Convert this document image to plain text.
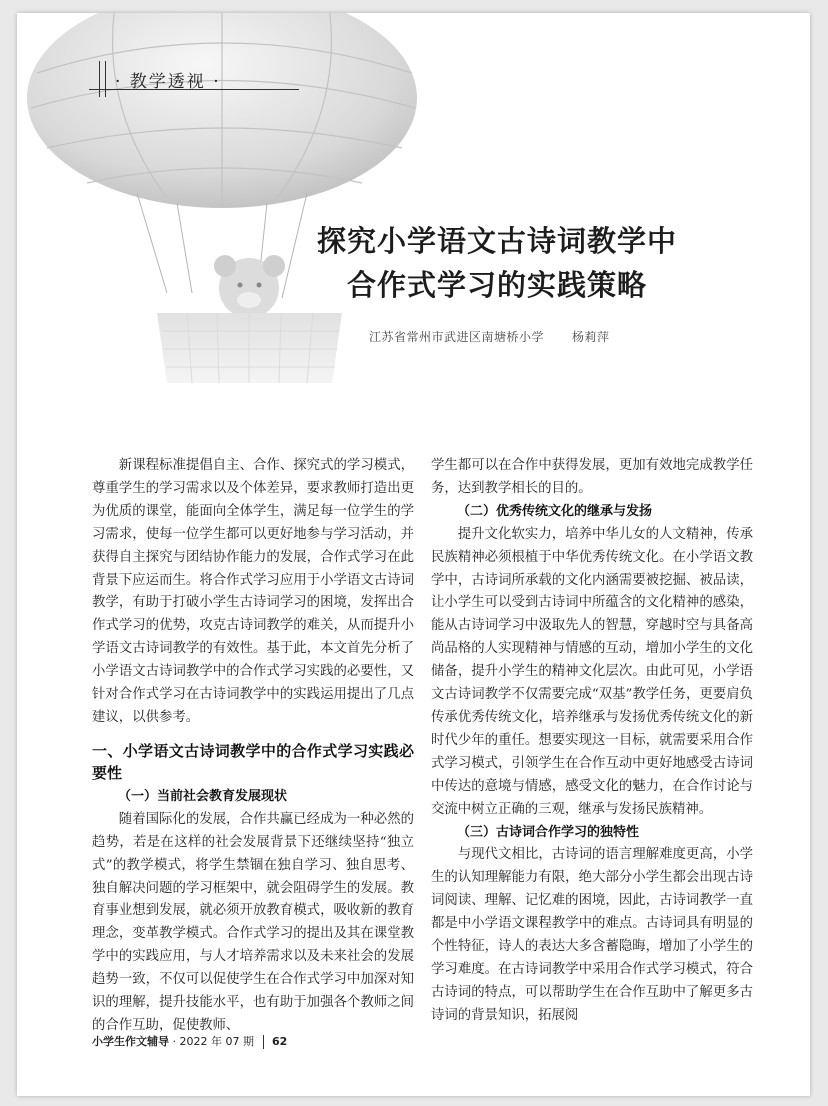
· 教学透视 ·
探究小学语文古诗词教学中
合作式学习的实践策略
江苏省常州市武进区南塘桥小学 杨莉萍

新课程标准提倡自主、合作、探究式的学习模式，尊重学生的学习需求以及个体差异，要求教师打造出更为优质的课堂，能面向全体学生，满足每一位学生的学习需求，使每一位学生都可以更好地参与学习活动，并获得自主探究与团结协作能力的发展，合作式学习在此背景下应运而生。将合作式学习应用于小学语文古诗词教学，有助于打破小学生古诗词学习的困境，发挥出合作式学习的优势，攻克古诗词教学的难关，从而提升小学语文古诗词教学的有效性。基于此，本文首先分析了小学语文古诗词教学中的合作式学习实践的必要性，又针对合作式学习在古诗词教学中的实践运用提出了几点建议，以供参考。

一、小学语文古诗词教学中的合作式学习实践必要性
（一）当前社会教育发展现状

随着国际化的发展，合作共赢已经成为一种必然的趋势，若是在这样的社会发展背景下还继续坚持“独立式”的教学模式，将学生禁锢在独自学习、独自思考、独自解决问题的学习框架中，就会阻碍学生的发展。教育事业想到发展，就必须开放教育模式，吸收新的教育理念，变革教学模式。合作式学习的提出及其在课堂教学中的实践应用，与人才培养需求以及未来社会的发展趋势一致，不仅可以促使学生在合作式学习中加深对知识的理解，提升技能水平，也有助于加强各个教师之间的合作互助，促使教师、

学生都可以在合作中获得发展，更加有效地完成教学任务，达到教学相长的目的。

（二）优秀传统文化的继承与发扬

提升文化软实力，培养中华儿女的人文精神，传承民族精神必须根植于中华优秀传统文化。在小学语文教学中，古诗词所承载的文化内涵需要被挖掘、被品读，让小学生可以受到古诗词中所蕴含的文化精神的感染，能从古诗词学习中汲取先人的智慧，穿越时空与具备高尚品格的人实现精神与情感的互动，增加小学生的文化储备，提升小学生的精神文化层次。由此可见，小学语文古诗词教学不仅需要完成“双基”教学任务，更要肩负传承优秀传统文化，培养继承与发扬优秀传统文化的新时代少年的重任。想要实现这一目标，就需要采用合作式学习模式，引领学生在合作互动中更好地感受古诗词中传达的意境与情感，感受文化的魅力，在合作讨论与交流中树立正确的三观，继承与发扬民族精神。

（三）古诗词合作学习的独特性

与现代文相比，古诗词的语言理解难度更高，小学生的认知理解能力有限，绝大部分小学生都会出现古诗词阅读、理解、记忆难的困境，因此，古诗词教学一直都是中小学语文课程教学中的难点。古诗词具有明显的个性特征，诗人的表达大多含蓄隐晦，增加了小学生的学习难度。在古诗词教学中采用合作式学习模式，符合古诗词的特点，可以帮助学生在合作互助中了解更多古诗词的背景知识，拓展阅

小学生作文辅导 · 2022 年 07 期 62
